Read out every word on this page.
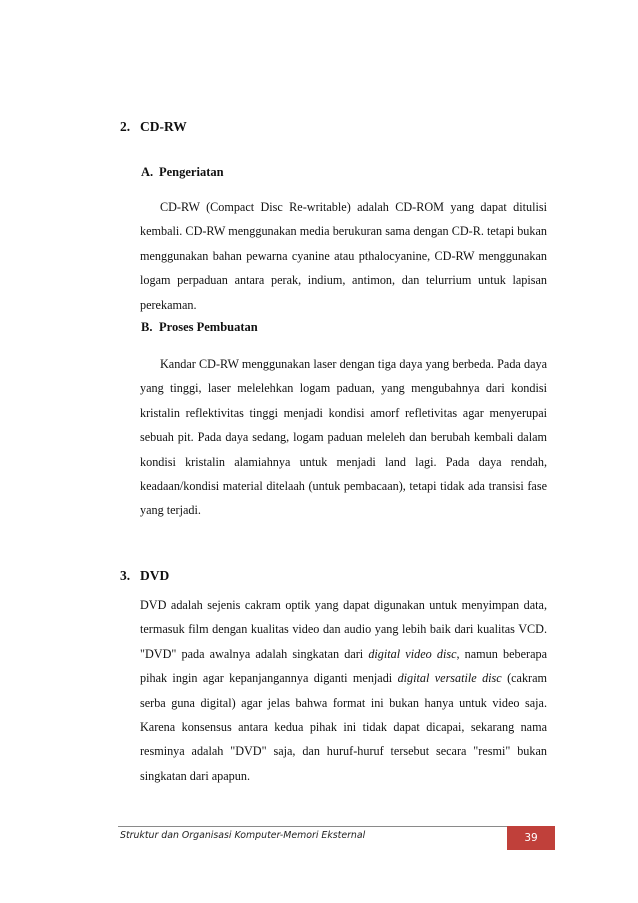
2. CD-RW
A. Pengeriatan

CD-RW (Compact Disc Re-writable) adalah CD-ROM yang dapat ditulisi kembali. CD-RW menggunakan media berukuran sama dengan CD-R. tetapi bukan menggunakan bahan pewarna cyanine atau pthalocyanine, CD-RW menggunakan logam perpaduan antara perak, indium, antimon, dan telurrium untuk lapisan perekaman.

B. Proses Pembuatan

Kandar CD-RW menggunakan laser dengan tiga daya yang berbeda. Pada daya yang tinggi, laser melelehkan logam paduan, yang mengubahnya dari kondisi kristalin reflektivitas tinggi menjadi kondisi amorf refletivitas agar menyerupai sebuah pit. Pada daya sedang, logam paduan meleleh dan berubah kembali dalam kondisi kristalin alamiahnya untuk menjadi land lagi. Pada daya rendah, keadaan/kondisi material ditelaah (untuk pembacaan), tetapi tidak ada transisi fase yang terjadi.

3. DVD

DVD adalah sejenis cakram optik yang dapat digunakan untuk menyimpan data, termasuk film dengan kualitas video dan audio yang lebih baik dari kualitas VCD. "DVD" pada awalnya adalah singkatan dari digital video disc, namun beberapa pihak ingin agar kepanjangannya diganti menjadi digital versatile disc (cakram serba guna digital) agar jelas bahwa format ini bukan hanya untuk video saja. Karena konsensus antara kedua pihak ini tidak dapat dicapai, sekarang nama resminya adalah "DVD" saja, dan huruf-huruf tersebut secara "resmi" bukan singkatan dari apapun.

Struktur dan Organisasi Komputer-Memori Eksternal	39
